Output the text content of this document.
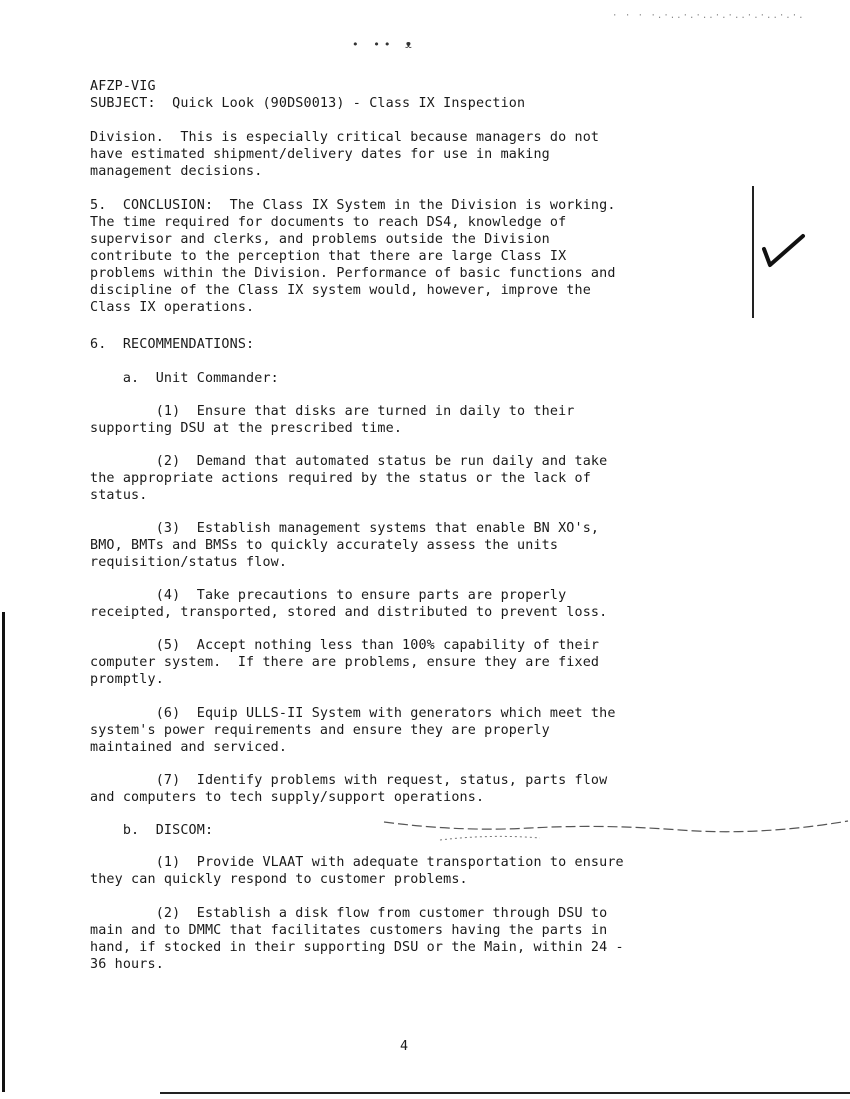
· · · ·.·..·.·..·.·..·.·..·.·.
• •• ᴥ
AFZP-VIG
SUBJECT:  Quick Look (90DS0013) - Class IX Inspection
Division.  This is especially critical because managers do not
have estimated shipment/delivery dates for use in making
management decisions.
5.  CONCLUSION:  The Class IX System in the Division is working.
The time required for documents to reach DS4, knowledge of
supervisor and clerks, and problems outside the Division
contribute to the perception that there are large Class IX
problems within the Division. Performance of basic functions and
discipline of the Class IX system would, however, improve the
Class IX operations.
6.  RECOMMENDATIONS:
a.  Unit Commander:
(1)  Ensure that disks are turned in daily to their
supporting DSU at the prescribed time.
(2)  Demand that automated status be run daily and take
the appropriate actions required by the status or the lack of
status.
(3)  Establish management systems that enable BN XO's,
BMO, BMTs and BMSs to quickly accurately assess the units
requisition/status flow.
(4)  Take precautions to ensure parts are properly
receipted, transported, stored and distributed to prevent loss.
(5)  Accept nothing less than 100% capability of their
computer system.  If there are problems, ensure they are fixed
promptly.
(6)  Equip ULLS-II System with generators which meet the
system's power requirements and ensure they are properly
maintained and serviced.
(7)  Identify problems with request, status, parts flow
and computers to tech supply/support operations.
b.  DISCOM:
(1)  Provide VLAAT with adequate transportation to ensure
they can quickly respond to customer problems.
(2)  Establish a disk flow from customer through DSU to
main and to DMMC that facilitates customers having the parts in
hand, if stocked in their supporting DSU or the Main, within 24 -
36 hours.
4
